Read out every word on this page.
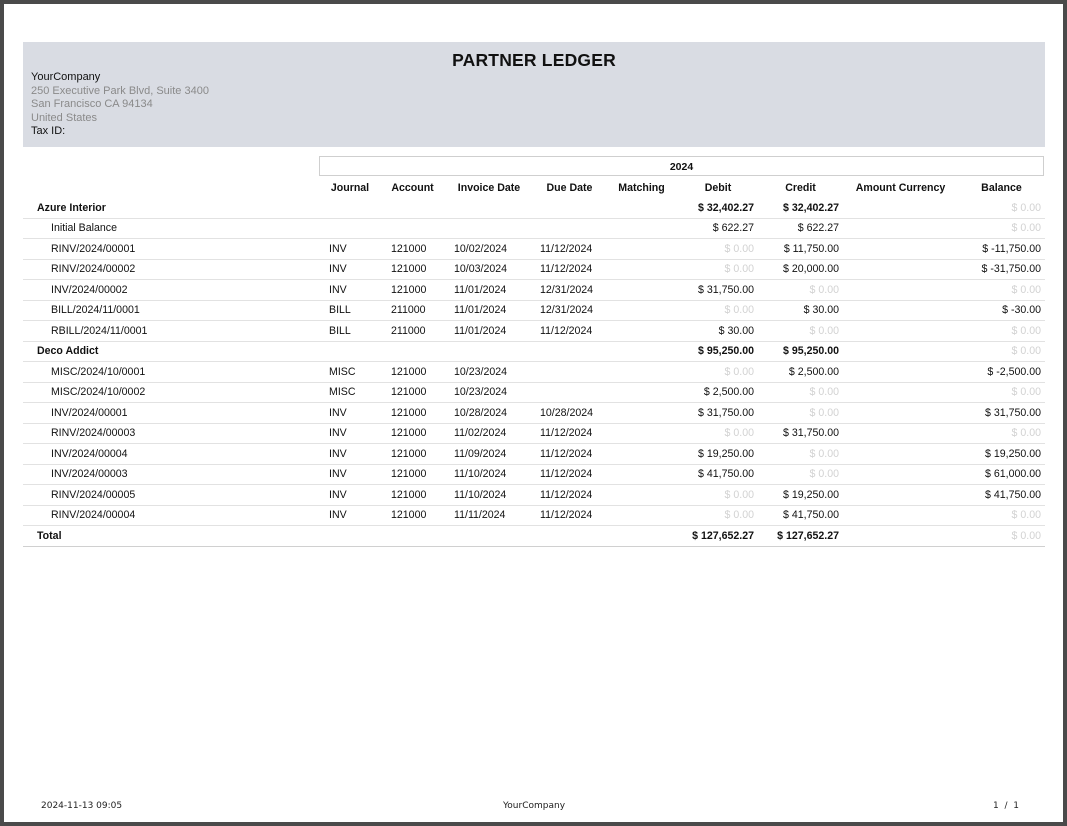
PARTNER LEDGER
YourCompany
250 Executive Park Blvd, Suite 3400
San Francisco CA 94134
United States
Tax ID:
2024
	Journal	Account	Invoice Date	Due Date	Matching	Debit	Credit	Amount Currency	Balance
Azure Interior						$ 32,402.27	$ 32,402.27		$ 0.00
Initial Balance						$ 622.27	$ 622.27		$ 0.00
RINV/2024/00001	INV	121000	10/02/2024	11/12/2024		$ 0.00	$ 11,750.00		$ -11,750.00
RINV/2024/00002	INV	121000	10/03/2024	11/12/2024		$ 0.00	$ 20,000.00		$ -31,750.00
INV/2024/00002	INV	121000	11/01/2024	12/31/2024		$ 31,750.00	$ 0.00		$ 0.00
BILL/2024/11/0001	BILL	211000	11/01/2024	12/31/2024		$ 0.00	$ 30.00		$ -30.00
RBILL/2024/11/0001	BILL	211000	11/01/2024	11/12/2024		$ 30.00	$ 0.00		$ 0.00
Deco Addict						$ 95,250.00	$ 95,250.00		$ 0.00
MISC/2024/10/0001	MISC	121000	10/23/2024			$ 0.00	$ 2,500.00		$ -2,500.00
MISC/2024/10/0002	MISC	121000	10/23/2024			$ 2,500.00	$ 0.00		$ 0.00
INV/2024/00001	INV	121000	10/28/2024	10/28/2024		$ 31,750.00	$ 0.00		$ 31,750.00
RINV/2024/00003	INV	121000	11/02/2024	11/12/2024		$ 0.00	$ 31,750.00		$ 0.00
INV/2024/00004	INV	121000	11/09/2024	11/12/2024		$ 19,250.00	$ 0.00		$ 19,250.00
INV/2024/00003	INV	121000	11/10/2024	11/12/2024		$ 41,750.00	$ 0.00		$ 61,000.00
RINV/2024/00005	INV	121000	11/10/2024	11/12/2024		$ 0.00	$ 19,250.00		$ 41,750.00
RINV/2024/00004	INV	121000	11/11/2024	11/12/2024		$ 0.00	$ 41,750.00		$ 0.00
Total						$ 127,652.27	$ 127,652.27		$ 0.00
2024-11-13 09:05	YourCompany	1 / 1
